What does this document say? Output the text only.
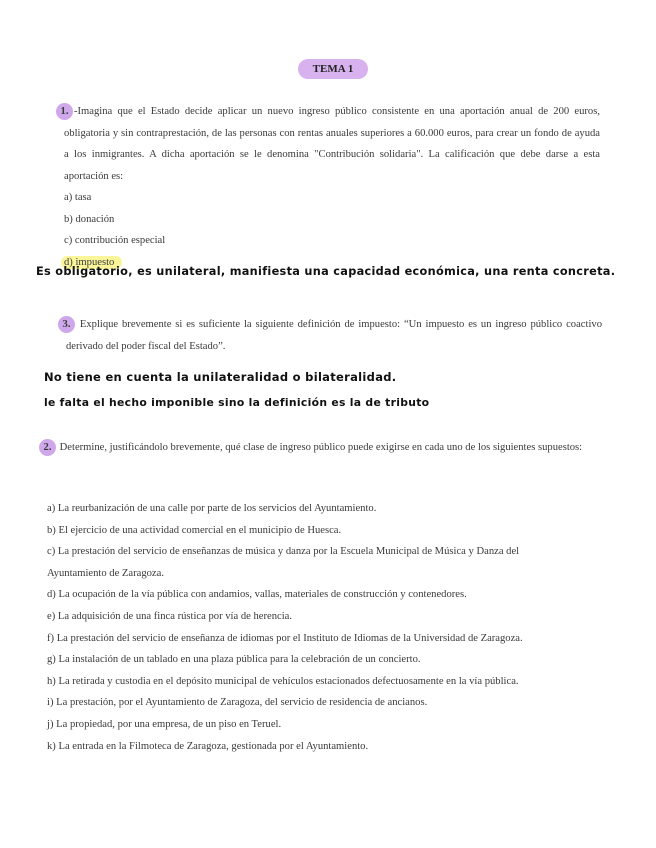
TEMA 1

1. -Imagina que el Estado decide aplicar un nuevo ingreso público consistente en una aportación anual de 200 euros, obligatoria y sin contraprestación, de las personas con rentas anuales superiores a 60.000 euros, para crear un fondo de ayuda a los inmigrantes. A dicha aportación se le denomina "Contribución solidaria". La calificación que debe darse a esta aportación es:

a) tasa
b) donación
c) contribución especial
d) impuesto
Es obligatorio, es unilateral, manifiesta una capacidad económica, una renta concreta.

3. Explique brevemente si es suficiente la siguiente definición de impuesto: “Un impuesto es un ingreso público coactivo derivado del poder fiscal del Estado”.

No tiene en cuenta la unilateralidad o bilateralidad.
le falta el hecho imponible sino la definición es la de tributo

2. Determine, justificándolo brevemente, qué clase de ingreso público puede exigirse en cada uno de los siguientes supuestos:

a) La reurbanización de una calle por parte de los servicios del Ayuntamiento.
b) El ejercicio de una actividad comercial en el municipio de Huesca.
c) La prestación del servicio de enseñanzas de música y danza por la Escuela Municipal de Música y Danza del
Ayuntamiento de Zaragoza.
d) La ocupación de la vía pública con andamios, vallas, materiales de construcción y contenedores.
e) La adquisición de una finca rústica por vía de herencia.
f) La prestación del servicio de enseñanza de idiomas por el Instituto de Idiomas de la Universidad de Zaragoza.
g) La instalación de un tablado en una plaza pública para la celebración de un concierto.
h) La retirada y custodia en el depósito municipal de vehículos estacionados defectuosamente en la vía pública.
i) La prestación, por el Ayuntamiento de Zaragoza, del servicio de residencia de ancianos.
j) La propiedad, por una empresa, de un piso en Teruel.
k) La entrada en la Filmoteca de Zaragoza, gestionada por el Ayuntamiento.
